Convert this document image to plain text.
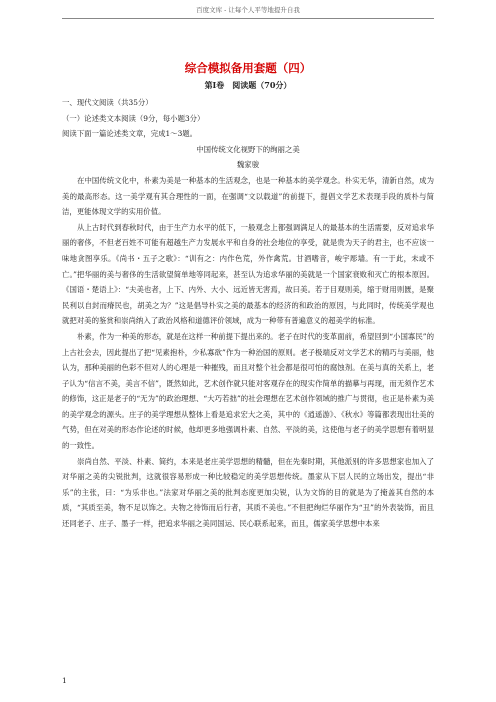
百度文库 - 让每个人平等地提升自我

综合模拟备用套题（四）

第Ⅰ卷　阅读题（70分）

一、现代文阅读（共35分）

（一）论述类文本阅读（9分，每小题3分）

阅读下面一篇论述类文章，完成1～3题。

中国传统文化视野下的绚丽之美

魏家骏

在中国传统文化中，朴素为美是一种基本的生活观念，也是一种基本的美学观念。朴实无华，清新自然，成为美的最高形态。这一美学观有其合理性的一面，在强调“文以载道”的前提下，提倡文学艺术表现手段的质朴与简洁，更能体现文学的实用价值。

从上古时代到春秋时代，由于生产力水平的低下，一般观念上都强调满足人的最基本的生活需要，反对追求华丽的奢侈，不但老百姓不可能有超越生产力发展水平和自身的社会地位的享受，就是贵为天子的君主，也不应该一味地贪图享乐。《尚书・五子之歌》：“训有之：内作色荒，外作禽荒。甘酒嗜音，峻宇彫墙。有一于此，未或不亡。”把华丽的美与奢侈的生活欲望简单地等同起来，甚至认为追求华丽的美就是一个国家衰败和灭亡的根本原因。《国语・楚语上》：“夫美也者，上下、内外、大小、远近皆无害焉，故曰美。若于目观则美，缩于财用则匮，是聚民利以自封而瘠民也，胡美之为？”这是倡导朴实之美的最基本的经济的和政治的原因，与此同时，传统美学观也就把对美的鉴赏和崇尚纳入了政治风格和道德评价领域，成为一种带有普遍意义的超美学的标准。

朴素，作为一种美的形态，就是在这样一种前提下提出来的。老子在时代的变革面前，希望回到“小国寡民”的上古社会去，因此提出了把“见素抱朴，少私寡欲”作为一种治国的原则。老子极端反对文学艺术的精巧与美丽，他认为，那种美丽的色彩不但对人的心理是一种摧残，而且对整个社会都是很可怕的腐蚀剂。在美与真的关系上，老子认为“信言不美，美言不信”，既然如此，艺术创作就只能对客观存在的现实作简单的描摹与再现，而无须作艺术的修饰，这正是老子的“无为”的政治理想、“大巧若拙”的社会理想在艺术创作领域的推广与贯彻，也正是朴素为美的美学观念的源头。庄子的美学理想从整体上看是追求宏大之美，其中的《逍遥游》、《秋水》等篇都表现出壮美的气势，但在对美的形态作论述的时候，他却更多地强调朴素、自然、平淡的美，这使他与老子的美学思想有着明显的一致性。

崇尚自然、平淡、朴素、简约，本来是老庄美学思想的精髓，但在先秦时期，其他派别的许多思想家也加入了对华丽之美的尖锐批判，这就很容易形成一种比较稳定的美学思想传统。墨家从下层人民的立场出发，提出“非乐”的主张，曰：“为乐非也。”法家对华丽之美的批判态度更加尖锐，认为文饰的目的就是为了掩盖其自然的本质，“其质至美，物不足以饰之。夫物之待饰而后行者，其质不美也。”不但把绚烂华丽作为“丑”的外表装饰，而且还同老子、庄子、墨子一样，把追求华丽之美同国运、民心联系起来，而且，儒家美学思想中本来

1
